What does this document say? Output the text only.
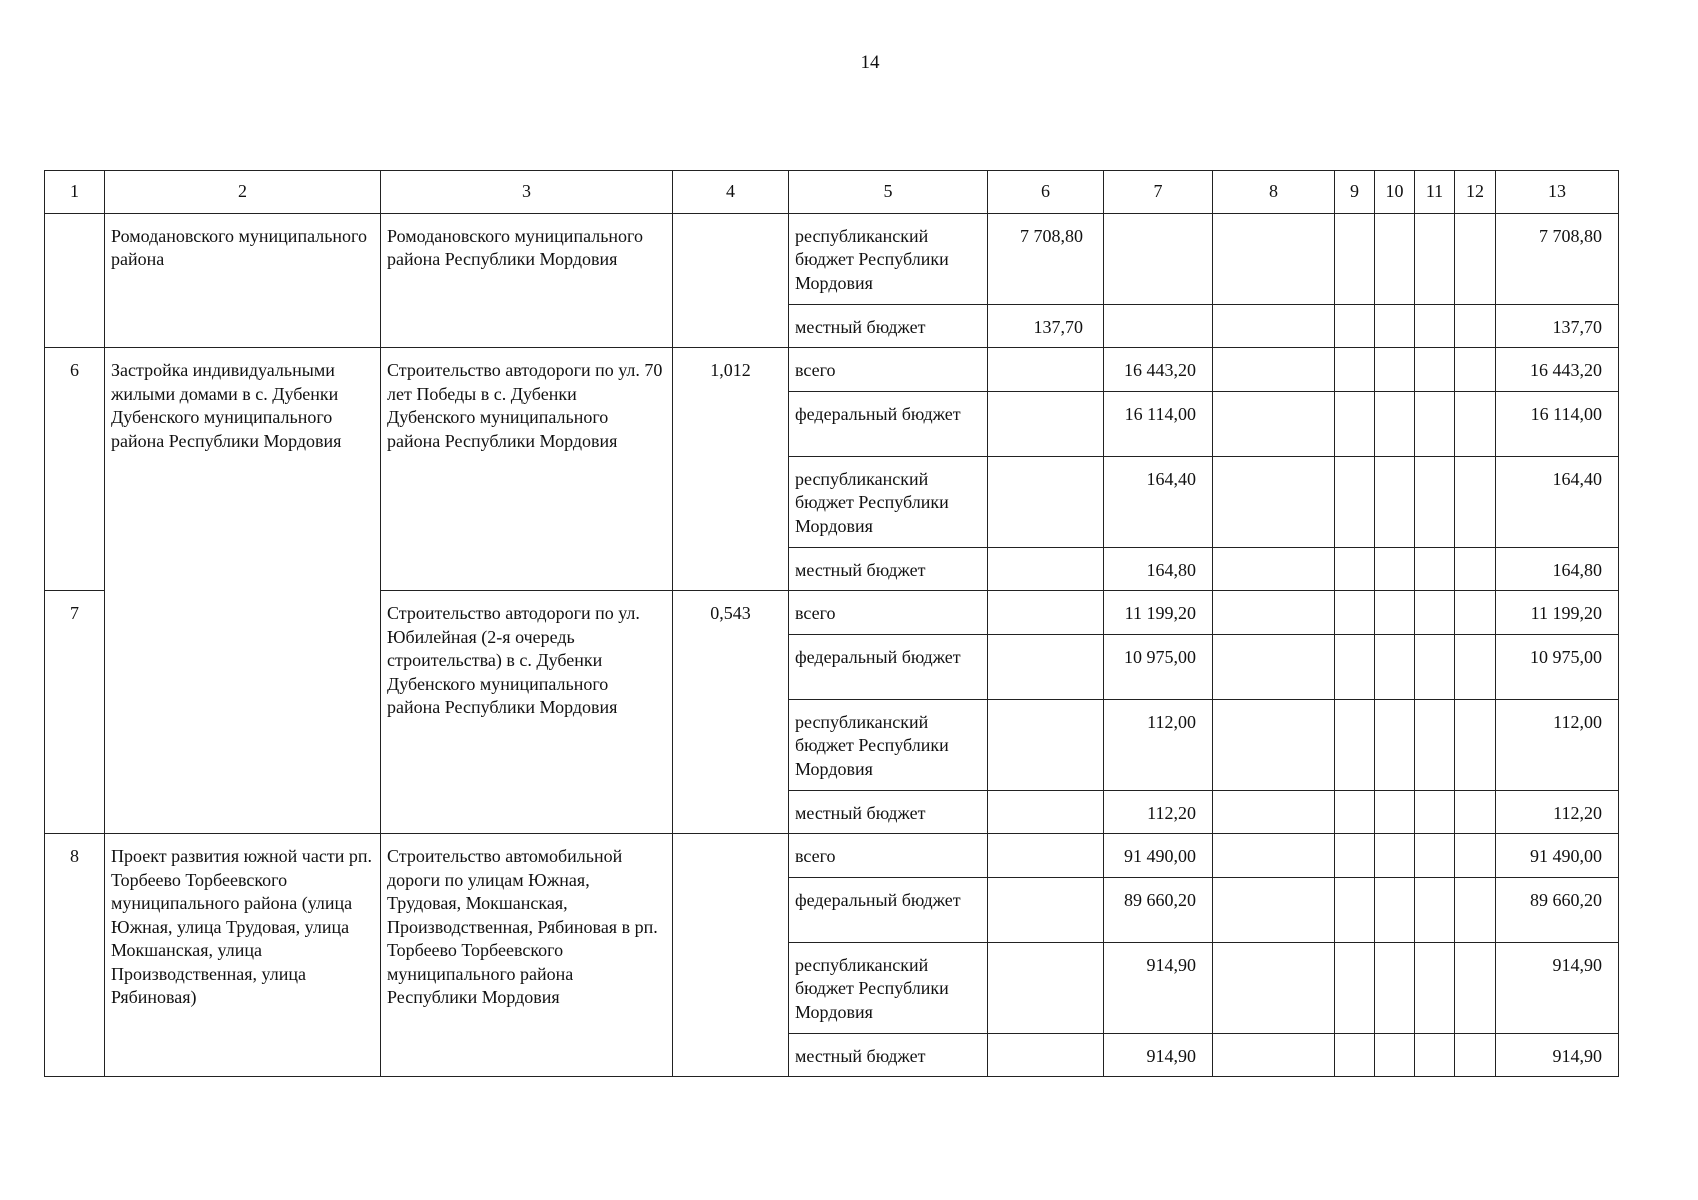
14
1	2	3	4	5	6	7	8	9	10	11	12	13
	Ромодановского муниципального района	Ромодановского муниципального района Республики Мордовия		республиканский бюджет Республики Мордовия	7 708,80							7 708,80
				местный бюджет	137,70							137,70
6	Застройка индивидуальными жилыми домами в с. Дубенки Дубенского муниципального района Республики Мордовия	Строительство автодороги по ул. 70 лет Победы в с. Дубенки Дубенского муниципального района Республики Мордовия	1,012	всего		16 443,20						16 443,20
				федеральный бюджет		16 114,00						16 114,00
				республиканский бюджет Республики Мордовия		164,40						164,40
				местный бюджет		164,80						164,80
7		Строительство автодороги по ул. Юбилейная (2-я очередь строительства) в с. Дубенки Дубенского муниципального района Республики Мордовия	0,543	всего		11 199,20						11 199,20
				федеральный бюджет		10 975,00						10 975,00
				республиканский бюджет Республики Мордовия		112,00						112,00
				местный бюджет		112,20						112,20
8	Проект развития южной части рп. Торбеево Торбеевского муниципального района (улица Южная, улица Трудовая, улица Мокшанская, улица Производственная, улица Рябиновая)	Строительство автомобильной дороги по улицам Южная, Трудовая, Мокшанская, Производственная, Рябиновая в рп. Торбеево Торбеевского муниципального района Республики Мордовия		всего		91 490,00						91 490,00
				федеральный бюджет		89 660,20						89 660,20
				республиканский бюджет Республики Мордовия		914,90						914,90
				местный бюджет		914,90						914,90
